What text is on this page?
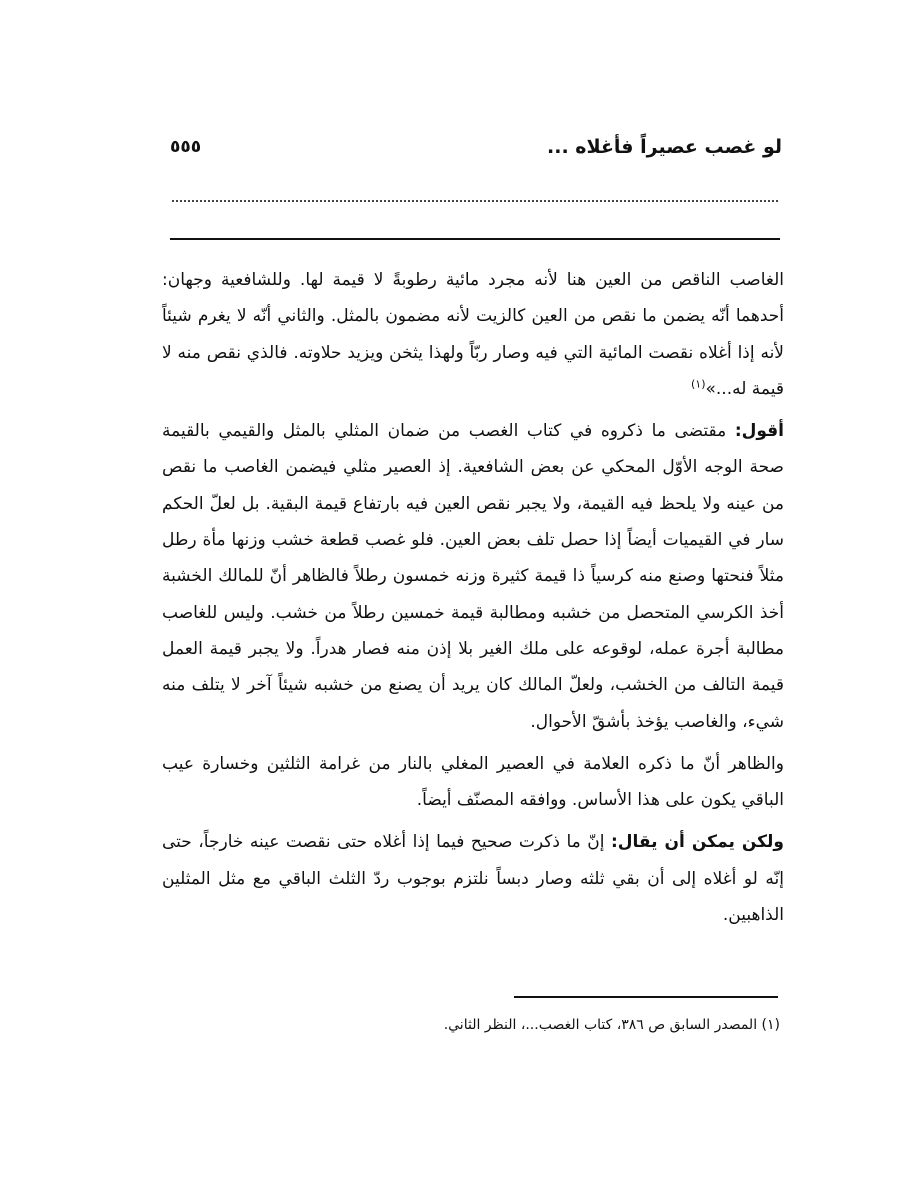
لو غصب عصيراً فأغلاه ...
٥٥٥

الغاصب الناقص من العين هنا لأنه مجرد مائية رطوبةً لا قيمة لها. وللشافعية وجهان: أحدهما أنّه يضمن ما نقص من العين كالزيت لأنه مضمون بالمثل. والثاني أنّه لا يغرم شيئاً لأنه إذا أغلاه نقصت المائية التي فيه وصار ربّاً ولهذا يثخن ويزيد حلاوته. فالذي نقص منه لا قيمة له...»$^{(١)}$

أقول: مقتضى ما ذكروه في كتاب الغصب من ضمان المثلي بالمثل والقيمي بالقيمة صحة الوجه الأوّل المحكي عن بعض الشافعية. إذ العصير مثلي فيضمن الغاصب ما نقص من عينه ولا يلحظ فيه القيمة، ولا يجبر نقص العين فيه بارتفاع قيمة البقية. بل لعلّ الحكم سار في القيميات أيضاً إذا حصل تلف بعض العين. فلو غصب قطعة خشب وزنها مأة رطل مثلاً فنحتها وصنع منه كرسياً ذا قيمة كثيرة وزنه خمسون رطلاً فالظاهر أنّ للمالك الخشبة أخذ الكرسي المتحصل من خشبه ومطالبة قيمة خمسين رطلاً من خشب. وليس للغاصب مطالبة أجرة عمله، لوقوعه على ملك الغير بلا إذن منه فصار هدراً. ولا يجبر قيمة العمل قيمة التالف من الخشب، ولعلّ المالك كان يريد أن يصنع من خشبه شيئاً آخر لا يتلف منه شيء، والغاصب يؤخذ بأشقّ الأحوال.

والظاهر أنّ ما ذكره العلامة في العصير المغلي بالنار من غرامة الثلثين وخسارة عيب الباقي يكون على هذا الأساس. ووافقه المصنّف أيضاً.

ولكن يمكن أن يقال: إنّ ما ذكرت صحيح فيما إذا أغلاه حتى نقصت عينه خارجاً، حتى إنّه لو أغلاه إلى أن بقي ثلثه وصار دبساً نلتزم بوجوب ردّ الثلث الباقي مع مثل المثلين الذاهبين.

(١) المصدر السابق ص ٣٨٦، كتاب الغصب...، النظر الثاني.
